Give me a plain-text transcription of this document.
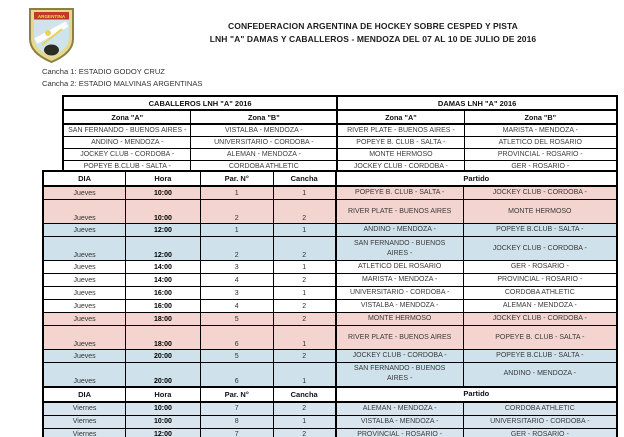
ARGENTINA
CONFEDERACION ARGENTINA DE HOCKEY SOBRE CESPED Y PISTA
LNH "A" DAMAS Y CABALLEROS - MENDOZA DEL 07 AL 10 DE JULIO DE 2016
Cancha 1: ESTADIO GODOY CRUZ
Cancha 2: ESTADIO MALVINAS ARGENTINAS
CABALLEROS LNH "A" 2016		DAMAS LNH "A" 2016	
Zona "A"	Zona "B"	Zona "A"	Zona "B"
SAN FERNANDO - BUENOS AIRES -	VISTALBA - MENDOZA -	RIVER PLATE - BUENOS AIRES -	MARISTA - MENDOZA -
ANDINO - MENDOZA -	UNIVERSITARIO - CORDOBA -	POPEYE B. CLUB - SALTA -	ATLETICO DEL ROSARIO
JOCKEY CLUB - CORDOBA -	ALEMAN - MENDOZA -	MONTE HERMOSO	PROVINCIAL - ROSARIO -
POPEYE B.CLUB - SALTA -	CORDOBA ATHLETIC	JOCKEY CLUB - CORDOBA -	GER - ROSARIO -
DIA	Hora	Par. N°	Cancha	Partido	
Jueves	10:00	1	1	POPEYE B. CLUB - SALTA -	JOCKEY CLUB - CORDOBA -
Jueves	10:00	2	2	RIVER PLATE - BUENOS AIRES	MONTE HERMOSO
Jueves	12:00	1	1	ANDINO - MENDOZA -	POPEYE B.CLUB - SALTA -
Jueves	12:00	2	2	SAN FERNANDO - BUENOS AIRES -	JOCKEY CLUB - CORDOBA -
Jueves	14:00	3	1	ATLETICO DEL ROSARIO	GER - ROSARIO -
Jueves	14:00	4	2	MARISTA - MENDOZA -	PROVINCIAL - ROSARIO -
Jueves	16:00	3	1	UNIVERSITARIO - CORDOBA -	CORDOBA ATHLETIC
Jueves	16:00	4	2	VISTALBA - MENDOZA -	ALEMAN - MENDOZA -
Jueves	18:00	5	2	MONTE HERMOSO	JOCKEY CLUB - CORDOBA -
Jueves	18:00	6	1	RIVER PLATE - BUENOS AIRES	POPEYE B. CLUB - SALTA -
Jueves	20:00	5	2	JOCKEY CLUB - CORDOBA -	POPEYE B.CLUB - SALTA -
Jueves	20:00	6	1	SAN FERNANDO - BUENOS AIRES -	ANDINO - MENDOZA -
DIA	Hora	Par. N°	Cancha	Partido	
Viernes	10:00	7	2	ALEMAN - MENDOZA -	CORDOBA ATHLETIC
Viernes	10:00	8	1	VISTALBA - MENDOZA -	UNIVERSITARIO - CORDOBA -
Viernes	12:00	7	2	PROVINCIAL - ROSARIO -	GER - ROSARIO -
